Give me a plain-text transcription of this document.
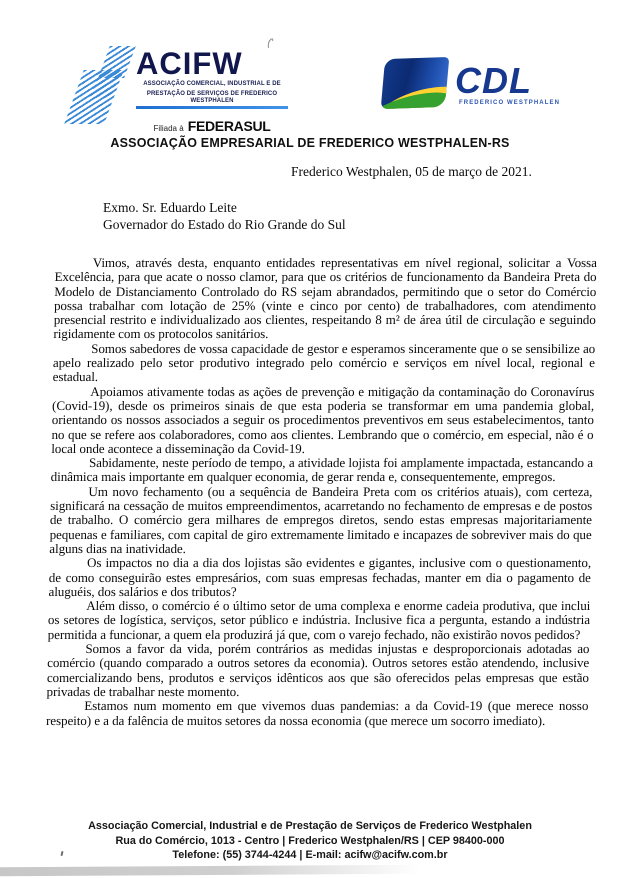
ACIFW
ASSOCIAÇÃO COMERCIAL, INDUSTRIAL E DE
PRESTAÇÃO DE SERVIÇOS DE FREDERICO WESTPHALEN
Filiada à FEDERASUL
CDL
FREDERICO WESTPHALEN
ASSOCIAÇÃO EMPRESARIAL DE FREDERICO WESTPHALEN-RS
Frederico Westphalen, 05 de março de 2021.
Exmo. Sr. Eduardo Leite
Governador do Estado do Rio Grande do Sul

Vimos, através desta, enquanto entidades representativas em nível regional, solicitar a Vossa Excelência, para que acate o nosso clamor, para que os critérios de funcionamento da Bandeira Preta do Modelo de Distanciamento Controlado do RS sejam abrandados, permitindo que o setor do Comércio possa trabalhar com lotação de 25% (vinte e cinco por cento) de trabalhadores, com atendimento presencial restrito e individualizado aos clientes, respeitando 8 m² de área útil de circulação e seguindo rigidamente com os protocolos sanitários.

Somos sabedores de vossa capacidade de gestor e esperamos sinceramente que o se sensibilize ao apelo realizado pelo setor produtivo integrado pelo comércio e serviços em nível local, regional e estadual.

Apoiamos ativamente todas as ações de prevenção e mitigação da contaminação do Coronavírus (Covid-19), desde os primeiros sinais de que esta poderia se transformar em uma pandemia global, orientando os nossos associados a seguir os procedimentos preventivos em seus estabelecimentos, tanto no que se refere aos colaboradores, como aos clientes. Lembrando que o comércio, em especial, não é o local onde acontece a disseminação da Covid-19.

Sabidamente, neste período de tempo, a atividade lojista foi amplamente impactada, estancando a dinâmica mais importante em qualquer economia, de gerar renda e, consequentemente, empregos.

Um novo fechamento (ou a sequência de Bandeira Preta com os critérios atuais), com certeza, significará na cessação de muitos empreendimentos, acarretando no fechamento de empresas e de postos de trabalho. O comércio gera milhares de empregos diretos, sendo estas empresas majoritariamente pequenas e familiares, com capital de giro extremamente limitado e incapazes de sobreviver mais do que alguns dias na inatividade.

Os impactos no dia a dia dos lojistas são evidentes e gigantes, inclusive com o questionamento, de como conseguirão estes empresários, com suas empresas fechadas, manter em dia o pagamento de aluguéis, dos salários e dos tributos?

Além disso, o comércio é o último setor de uma complexa e enorme cadeia produtiva, que inclui os setores de logística, serviços, setor público e indústria. Inclusive fica a pergunta, estando a indústria permitida a funcionar, a quem ela produzirá já que, com o varejo fechado, não existirão novos pedidos?

Somos a favor da vida, porém contrários as medidas injustas e desproporcionais adotadas ao comércio (quando comparado a outros setores da economia). Outros setores estão atendendo, inclusive comercializando bens, produtos e serviços idênticos aos que são oferecidos pelas empresas que estão privadas de trabalhar neste momento.

Estamos num momento em que vivemos duas pandemias: a da Covid-19 (que merece nosso respeito) e a da falência de muitos setores da nossa economia (que merece um socorro imediato).

Associação Comercial, Industrial e de Prestação de Serviços de Frederico Westphalen
Rua do Comércio, 1013 - Centro | Frederico Westphalen/RS | CEP 98400-000
Telefone: (55) 3744-4244 | E-mail: acifw@acifw.com.br
